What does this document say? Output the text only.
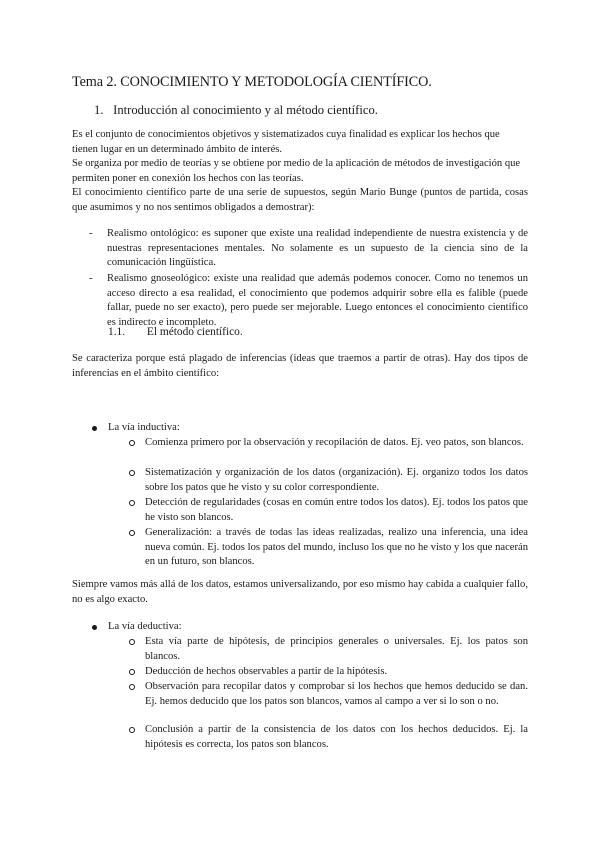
Tema 2. CONOCIMIENTO Y METODOLOGÍA CIENTÍFICO.
1. Introducción al conocimiento y al método científico.

Es el conjunto de conocimientos objetivos y sistematizados cuya finalidad es explicar los hechos que tienen lugar en un determinado ámbito de interés.

Se organiza por medio de teorías y se obtiene por medio de la aplicación de métodos de investigación que permiten poner en conexión los hechos con las teorías.

El conocimiento científico parte de una serie de supuestos, según Mario Bunge (puntos de partida, cosas que asumimos y no nos sentimos obligados a demostrar):

- Realismo ontológico: es suponer que existe una realidad independiente de nuestra existencia y de nuestras representaciones mentales. No solamente es un supuesto de la ciencia sino de la comunicación lingüística.
- Realismo gnoseológico: existe una realidad que además podemos conocer. Como no tenemos un acceso directo a esa realidad, el conocimiento que podemos adquirir sobre ella es falible (puede fallar, puede no ser exacto), pero puede ser mejorable. Luego entonces el conocimiento científico es indirecto e incompleto.
1.1. El método científico.

Se caracteriza porque está plagado de inferencias (ideas que traemos a partir de otras). Hay dos tipos de inferencias en el ámbito científico:

La vía inductiva:
Comienza primero por la observación y recopilación de datos. Ej. veo patos, son blancos.
Sistematización y organización de los datos (organización). Ej. organizo todos los datos sobre los patos que he visto y su color correspondiente.
Detección de regularidades (cosas en común entre todos los datos). Ej. todos los patos que he visto son blancos.
Generalización: a través de todas las ideas realizadas, realizo una inferencia, una idea nueva común. Ej. todos los patos del mundo, incluso los que no he visto y los que nacerán en un futuro, son blancos.

Siempre vamos más allá de los datos, estamos universalizando, por eso mismo hay cabida a cualquier fallo, no es algo exacto.

La vía deductiva:
Esta vía parte de hipótesis, de principios generales o universales. Ej. los patos son blancos.
Deducción de hechos observables a partir de la hipótesis.
Observación para recopilar datos y comprobar si los hechos que hemos deducido se dan. Ej. hemos deducido que los patos son blancos, vamos al campo a ver si lo son o no.
Conclusión a partir de la consistencia de los datos con los hechos deducidos. Ej. la hipótesis es correcta, los patos son blancos.
